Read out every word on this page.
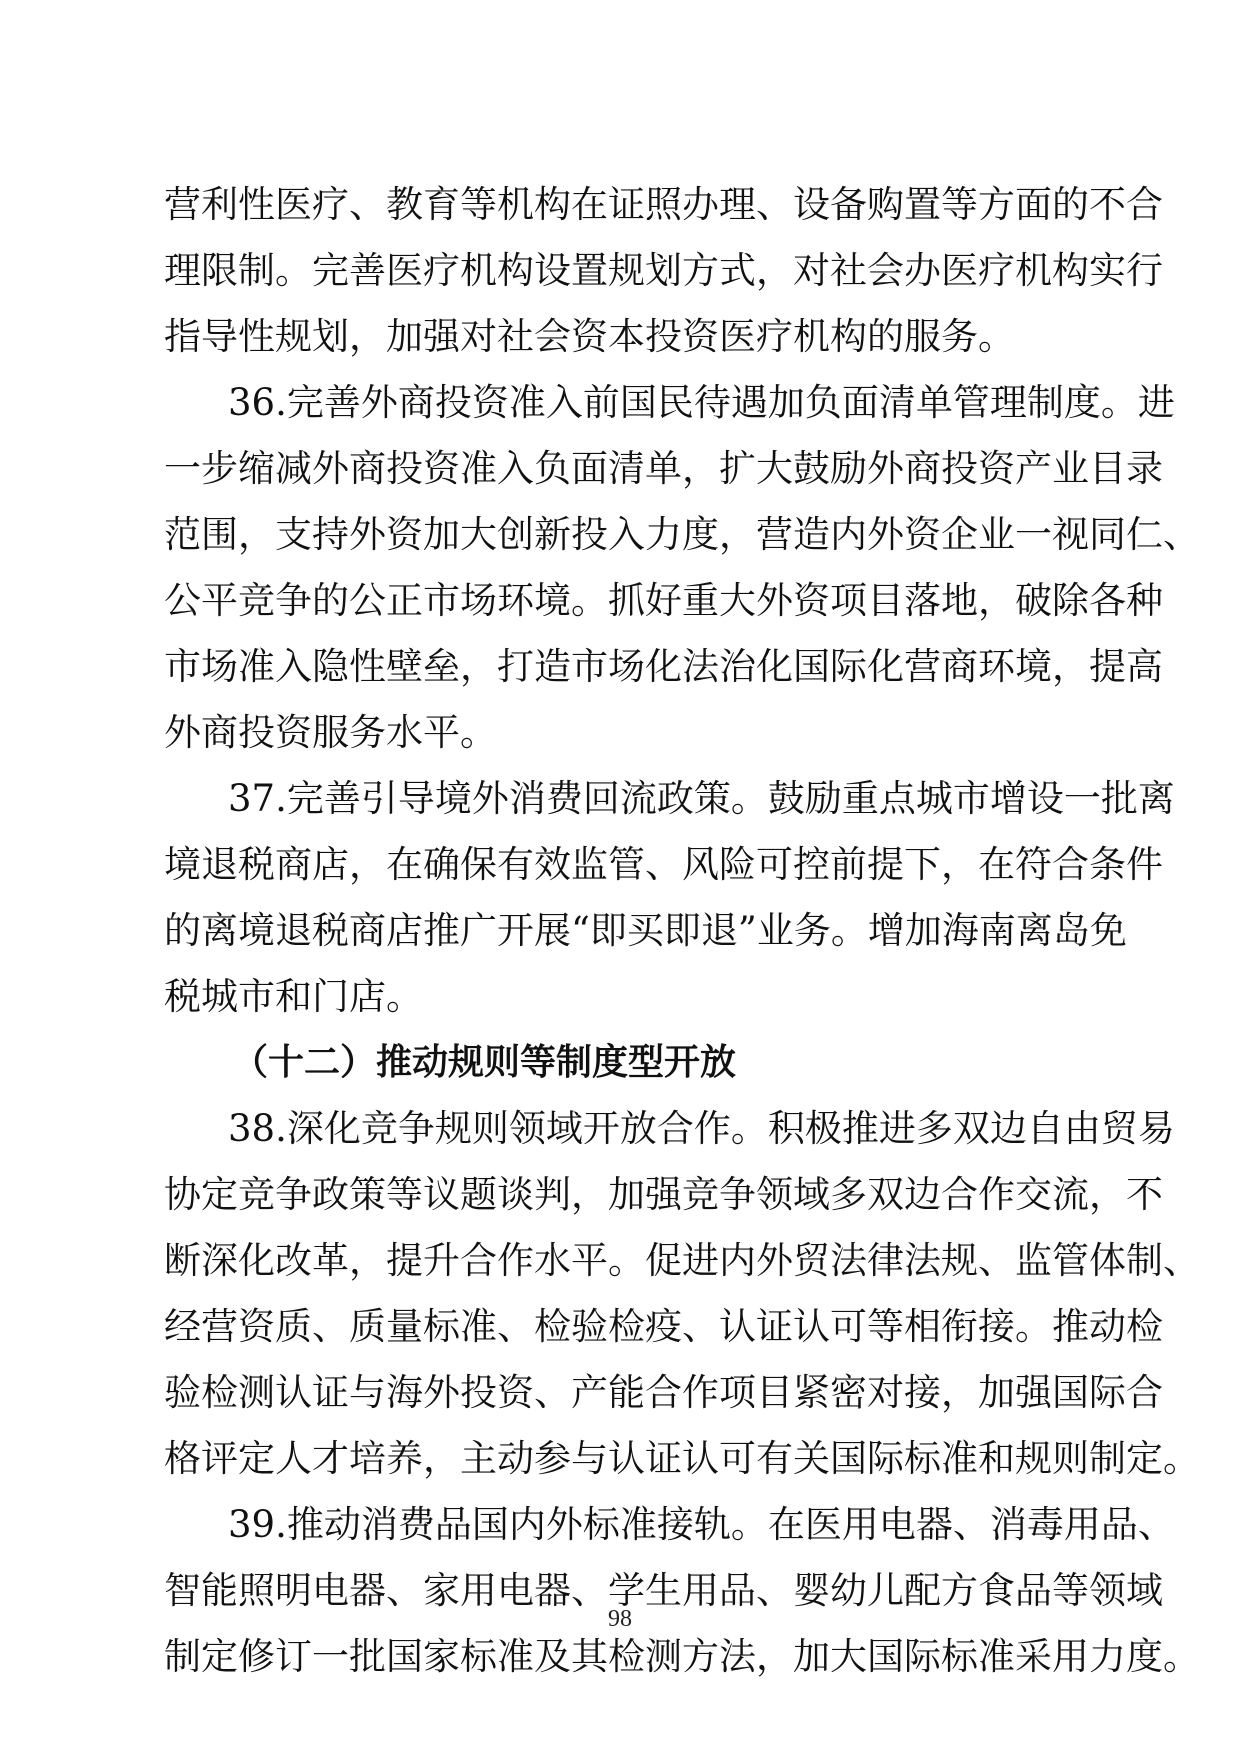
营利性医疗、教育等机构在证照办理、设备购置等方面的不合
理限制。完善医疗机构设置规划方式，对社会办医疗机构实行
指导性规划，加强对社会资本投资医疗机构的服务。
36.完善外商投资准入前国民待遇加负面清单管理制度。进
一步缩减外商投资准入负面清单，扩大鼓励外商投资产业目录
范围，支持外资加大创新投入力度，营造内外资企业一视同仁、
公平竞争的公正市场环境。抓好重大外资项目落地，破除各种
市场准入隐性壁垒，打造市场化法治化国际化营商环境，提高
外商投资服务水平。
37.完善引导境外消费回流政策。鼓励重点城市增设一批离
境退税商店，在确保有效监管、风险可控前提下，在符合条件
的离境退税商店推广开展“即买即退”业务。增加海南离岛免
税城市和门店。
（十二）推动规则等制度型开放
38.深化竞争规则领域开放合作。积极推进多双边自由贸易
协定竞争政策等议题谈判，加强竞争领域多双边合作交流，不
断深化改革，提升合作水平。促进内外贸法律法规、监管体制、
经营资质、质量标准、检验检疫、认证认可等相衔接。推动检
验检测认证与海外投资、产能合作项目紧密对接，加强国际合
格评定人才培养，主动参与认证认可有关国际标准和规则制定。
39.推动消费品国内外标准接轨。在医用电器、消毒用品、
智能照明电器、家用电器、学生用品、婴幼儿配方食品等领域
制定修订一批国家标准及其检测方法，加大国际标准采用力度。
98
